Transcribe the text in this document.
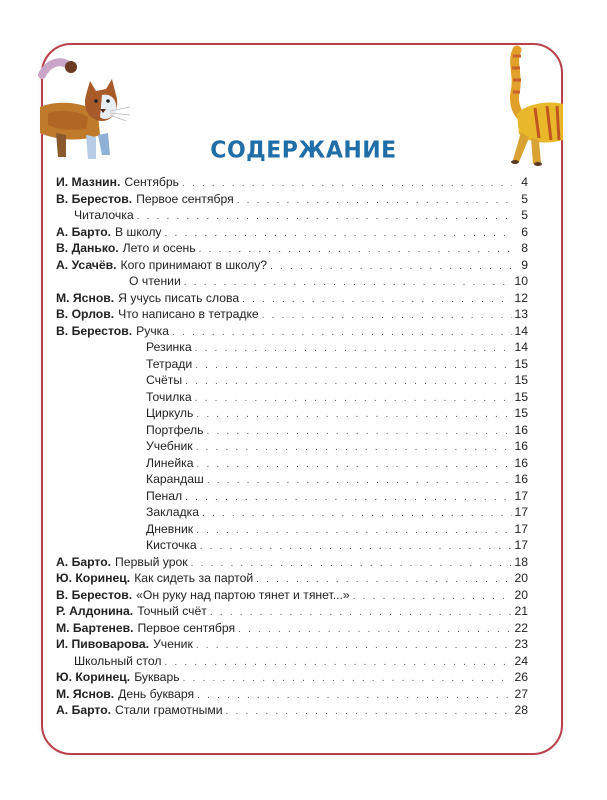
СОДЕРЖАНИЕ
И. Мазнин. Сентябрь . . .	4
В. Берестов. Первое сентября . . .	5
Читалочка . . .	5
А. Барто. В школу . . .	6
В. Данько. Лето и осень . . .	8
А. Усачёв. Кого принимают в школу? . . .	9
О чтении . . .	10
М. Яснов. Я учусь писать слова . . .	12
В. Орлов. Что написано в тетрадке . . .	13
В. Берестов. Ручка . . .	14
Резинка . . .	14
Тетради . . .	15
Счёты . . .	15
Точилка . . .	15
Циркуль . . .	15
Портфель . . .	16
Учебник . . .	16
Линейка . . .	16
Карандаш . . .	16
Пенал . . .	17
Закладка . . .	17
Дневник . . .	17
Кисточка . . .	17
А. Барто. Первый урок . . .	18
Ю. Коринец. Как сидеть за партой . . .	20
В. Берестов. «Он руку над партою тянет и тянет...» . . .	20
Р. Алдонина. Точный счёт . . .	21
М. Бартенев. Первое сентября . . .	22
И. Пивоварова. Ученик . . .	23
Школьный стол . . .	24
Ю. Коринец. Букварь . . .	26
М. Яснов. День букваря . . .	27
А. Барто. Стали грамотными . . .	28
